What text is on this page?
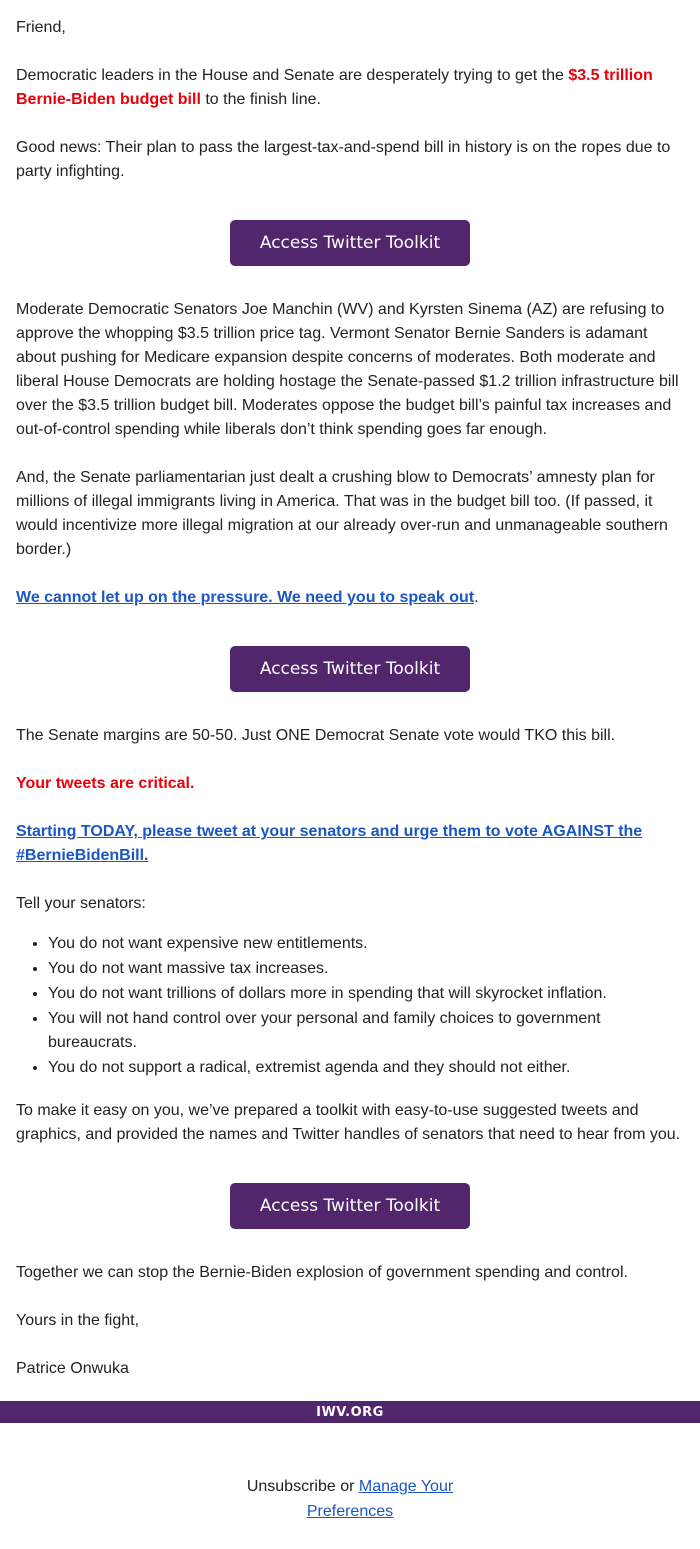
Friend,

Democratic leaders in the House and Senate are desperately trying to get the $3.5 trillion Bernie-Biden budget bill to the finish line.

Good news: Their plan to pass the largest-tax-and-spend bill in history is on the ropes due to party infighting.

Access Twitter Toolkit

Moderate Democratic Senators Joe Manchin (WV) and Kyrsten Sinema (AZ) are refusing to approve the whopping $3.5 trillion price tag. Vermont Senator Bernie Sanders is adamant about pushing for Medicare expansion despite concerns of moderates. Both moderate and liberal House Democrats are holding hostage the Senate-passed $1.2 trillion infrastructure bill over the $3.5 trillion budget bill. Moderates oppose the budget bill’s painful tax increases and out-of-control spending while liberals don’t think spending goes far enough.

And, the Senate parliamentarian just dealt a crushing blow to Democrats’ amnesty plan for millions of illegal immigrants living in America. That was in the budget bill too. (If passed, it would incentivize more illegal migration at our already over-run and unmanageable southern border.)

We cannot let up on the pressure. We need you to speak out.

Access Twitter Toolkit

The Senate margins are 50-50. Just ONE Democrat Senate vote would TKO this bill.

Your tweets are critical.

Starting TODAY, please tweet at your senators and urge them to vote AGAINST the #BernieBidenBill.

Tell your senators:

• You do not want expensive new entitlements.
• You do not want massive tax increases.
• You do not want trillions of dollars more in spending that will skyrocket inflation.
• You will not hand control over your personal and family choices to government bureaucrats.
• You do not support a radical, extremist agenda and they should not either.

To make it easy on you, we’ve prepared a toolkit with easy-to-use suggested tweets and graphics, and provided the names and Twitter handles of senators that need to hear from you.

Access Twitter Toolkit

Together we can stop the Bernie-Biden explosion of government spending and control.

Yours in the fight,

Patrice Onwuka

IWV.ORG
Unsubscribe or Manage Your Preferences
